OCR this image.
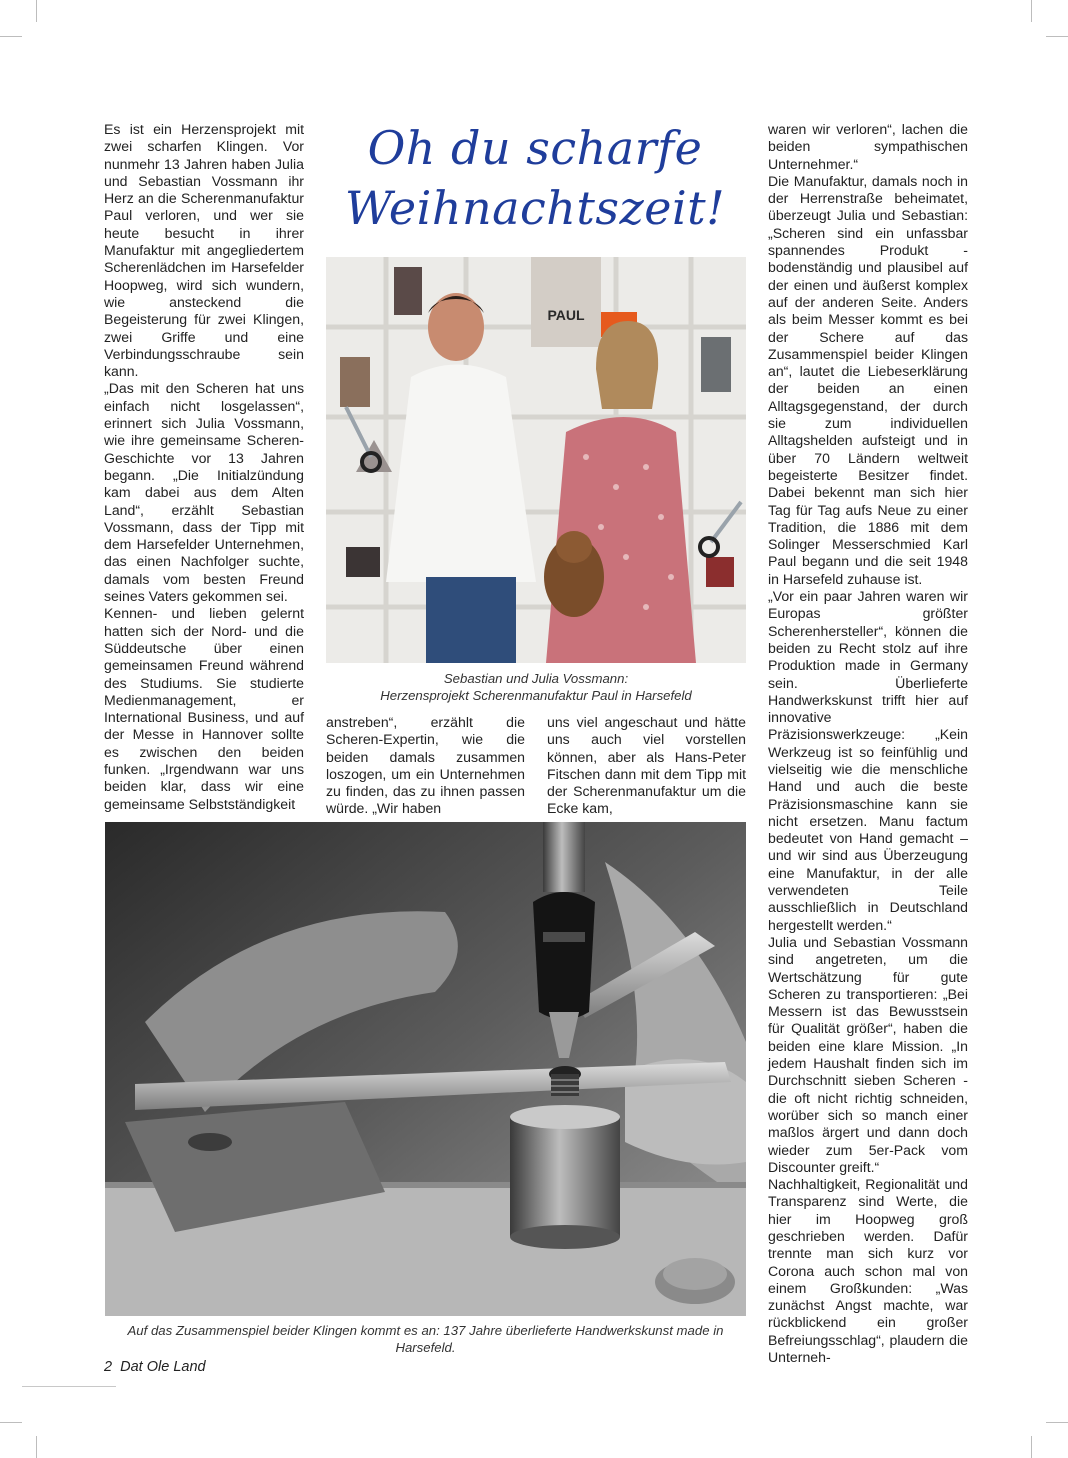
Es ist ein Herzensprojekt mit zwei scharfen Klingen. Vor nunmehr 13 Jahren haben Julia und Sebastian Vossmann ihr Herz an die Scherenmanufaktur Paul verloren, und wer sie heute besucht in ihrer Manufaktur mit angegliedertem Scherenlädchen im Harsefelder Hoopweg, wird sich wundern, wie ansteckend die Begeisterung für zwei Klingen, zwei Griffe und eine Verbindungsschraube sein kann.

„Das mit den Scheren hat uns einfach nicht losgelassen“, erinnert sich Julia Vossmann, wie ihre gemeinsame Scheren-Geschichte vor 13 Jahren begann. „Die Initialzündung kam dabei aus dem Alten Land“, erzählt Sebastian Vossmann, dass der Tipp mit dem Harsefelder Unternehmen, das einen Nachfolger suchte, damals vom besten Freund seines Vaters gekommen sei.

Kennen- und lieben gelernt hatten sich der Nord- und die Süddeutsche über einen gemeinsamen Freund während des Studiums. Sie studierte Medienmanagement, er International Business, und auf der Messe in Hannover sollte es zwischen den beiden funken. „Irgendwann war uns beiden klar, dass wir eine gemeinsame Selbstständigkeit

Oh du scharfe
Weihnachtszeit!
PAUL
Sebastian und Julia Vossmann:
Herzensprojekt Scherenmanufaktur Paul in Harsefeld

anstreben“, erzählt die Scheren-Expertin, wie die beiden damals zusammen loszogen, um ein Unternehmen zu finden, das zu ihnen passen würde. „Wir haben

uns viel angeschaut und hätte uns auch viel vorstellen können, aber als Hans-Peter Fitschen dann mit dem Tipp mit der Scherenmanufaktur um die Ecke kam,

waren wir verloren“, lachen die beiden sympathischen Unternehmer.“

Die Manufaktur, damals noch in der Herrenstraße beheimatet, überzeugt Julia und Sebastian: „Scheren sind ein unfassbar spannendes Produkt - bodenständig und plausibel auf der einen und äußerst komplex auf der anderen Seite. Anders als beim Messer kommt es bei der Schere auf das Zusammenspiel beider Klingen an“, lautet die Liebeserklärung der beiden an einen Alltagsgegenstand, der durch sie zum individuellen Alltagshelden aufsteigt und in über 70 Ländern weltweit begeisterte Besitzer findet. Dabei bekennt man sich hier Tag für Tag aufs Neue zu einer Tradition, die 1886 mit dem Solinger Messerschmied Karl Paul begann und die seit 1948 in Harsefeld zuhause ist.

„Vor ein paar Jahren waren wir Europas größter Scherenhersteller“, können die beiden zu Recht stolz auf ihre Produktion made in Germany sein. Überlieferte Handwerkskunst trifft hier auf innovative Präzisionswerkzeuge: „Kein Werkzeug ist so feinfühlig und vielseitig wie die menschliche Hand und auch die beste Präzisionsmaschine kann sie nicht ersetzen. Manu factum bedeutet von Hand gemacht – und wir sind aus Überzeugung eine Manufaktur, in der alle verwendeten Teile ausschließlich in Deutschland hergestellt werden.“

Julia und Sebastian Vossmann sind angetreten, um die Wertschätzung für gute Scheren zu transportieren: „Bei Messern ist das Bewusstsein für Qualität größer“, haben die beiden eine klare Mission. „In jedem Haushalt finden sich im Durchschnitt sieben Scheren - die oft nicht richtig schneiden, worüber sich so manch einer maßlos ärgert und dann doch wieder zum 5er-Pack vom Discounter greift.“

Nachhaltigkeit, Regionalität und Transparenz sind Werte, die hier im Hoopweg groß geschrieben werden. Dafür trennte man sich kurz vor Corona auch schon mal von einem Großkunden: „Was zunächst Angst machte, war rückblickend ein großer Befreiungsschlag“, plaudern die Unterneh-

Auf das Zusammenspiel beider Klingen kommt es an: 137 Jahre überlieferte Handwerkskunst made in Harsefeld.
2 Dat Ole Land
